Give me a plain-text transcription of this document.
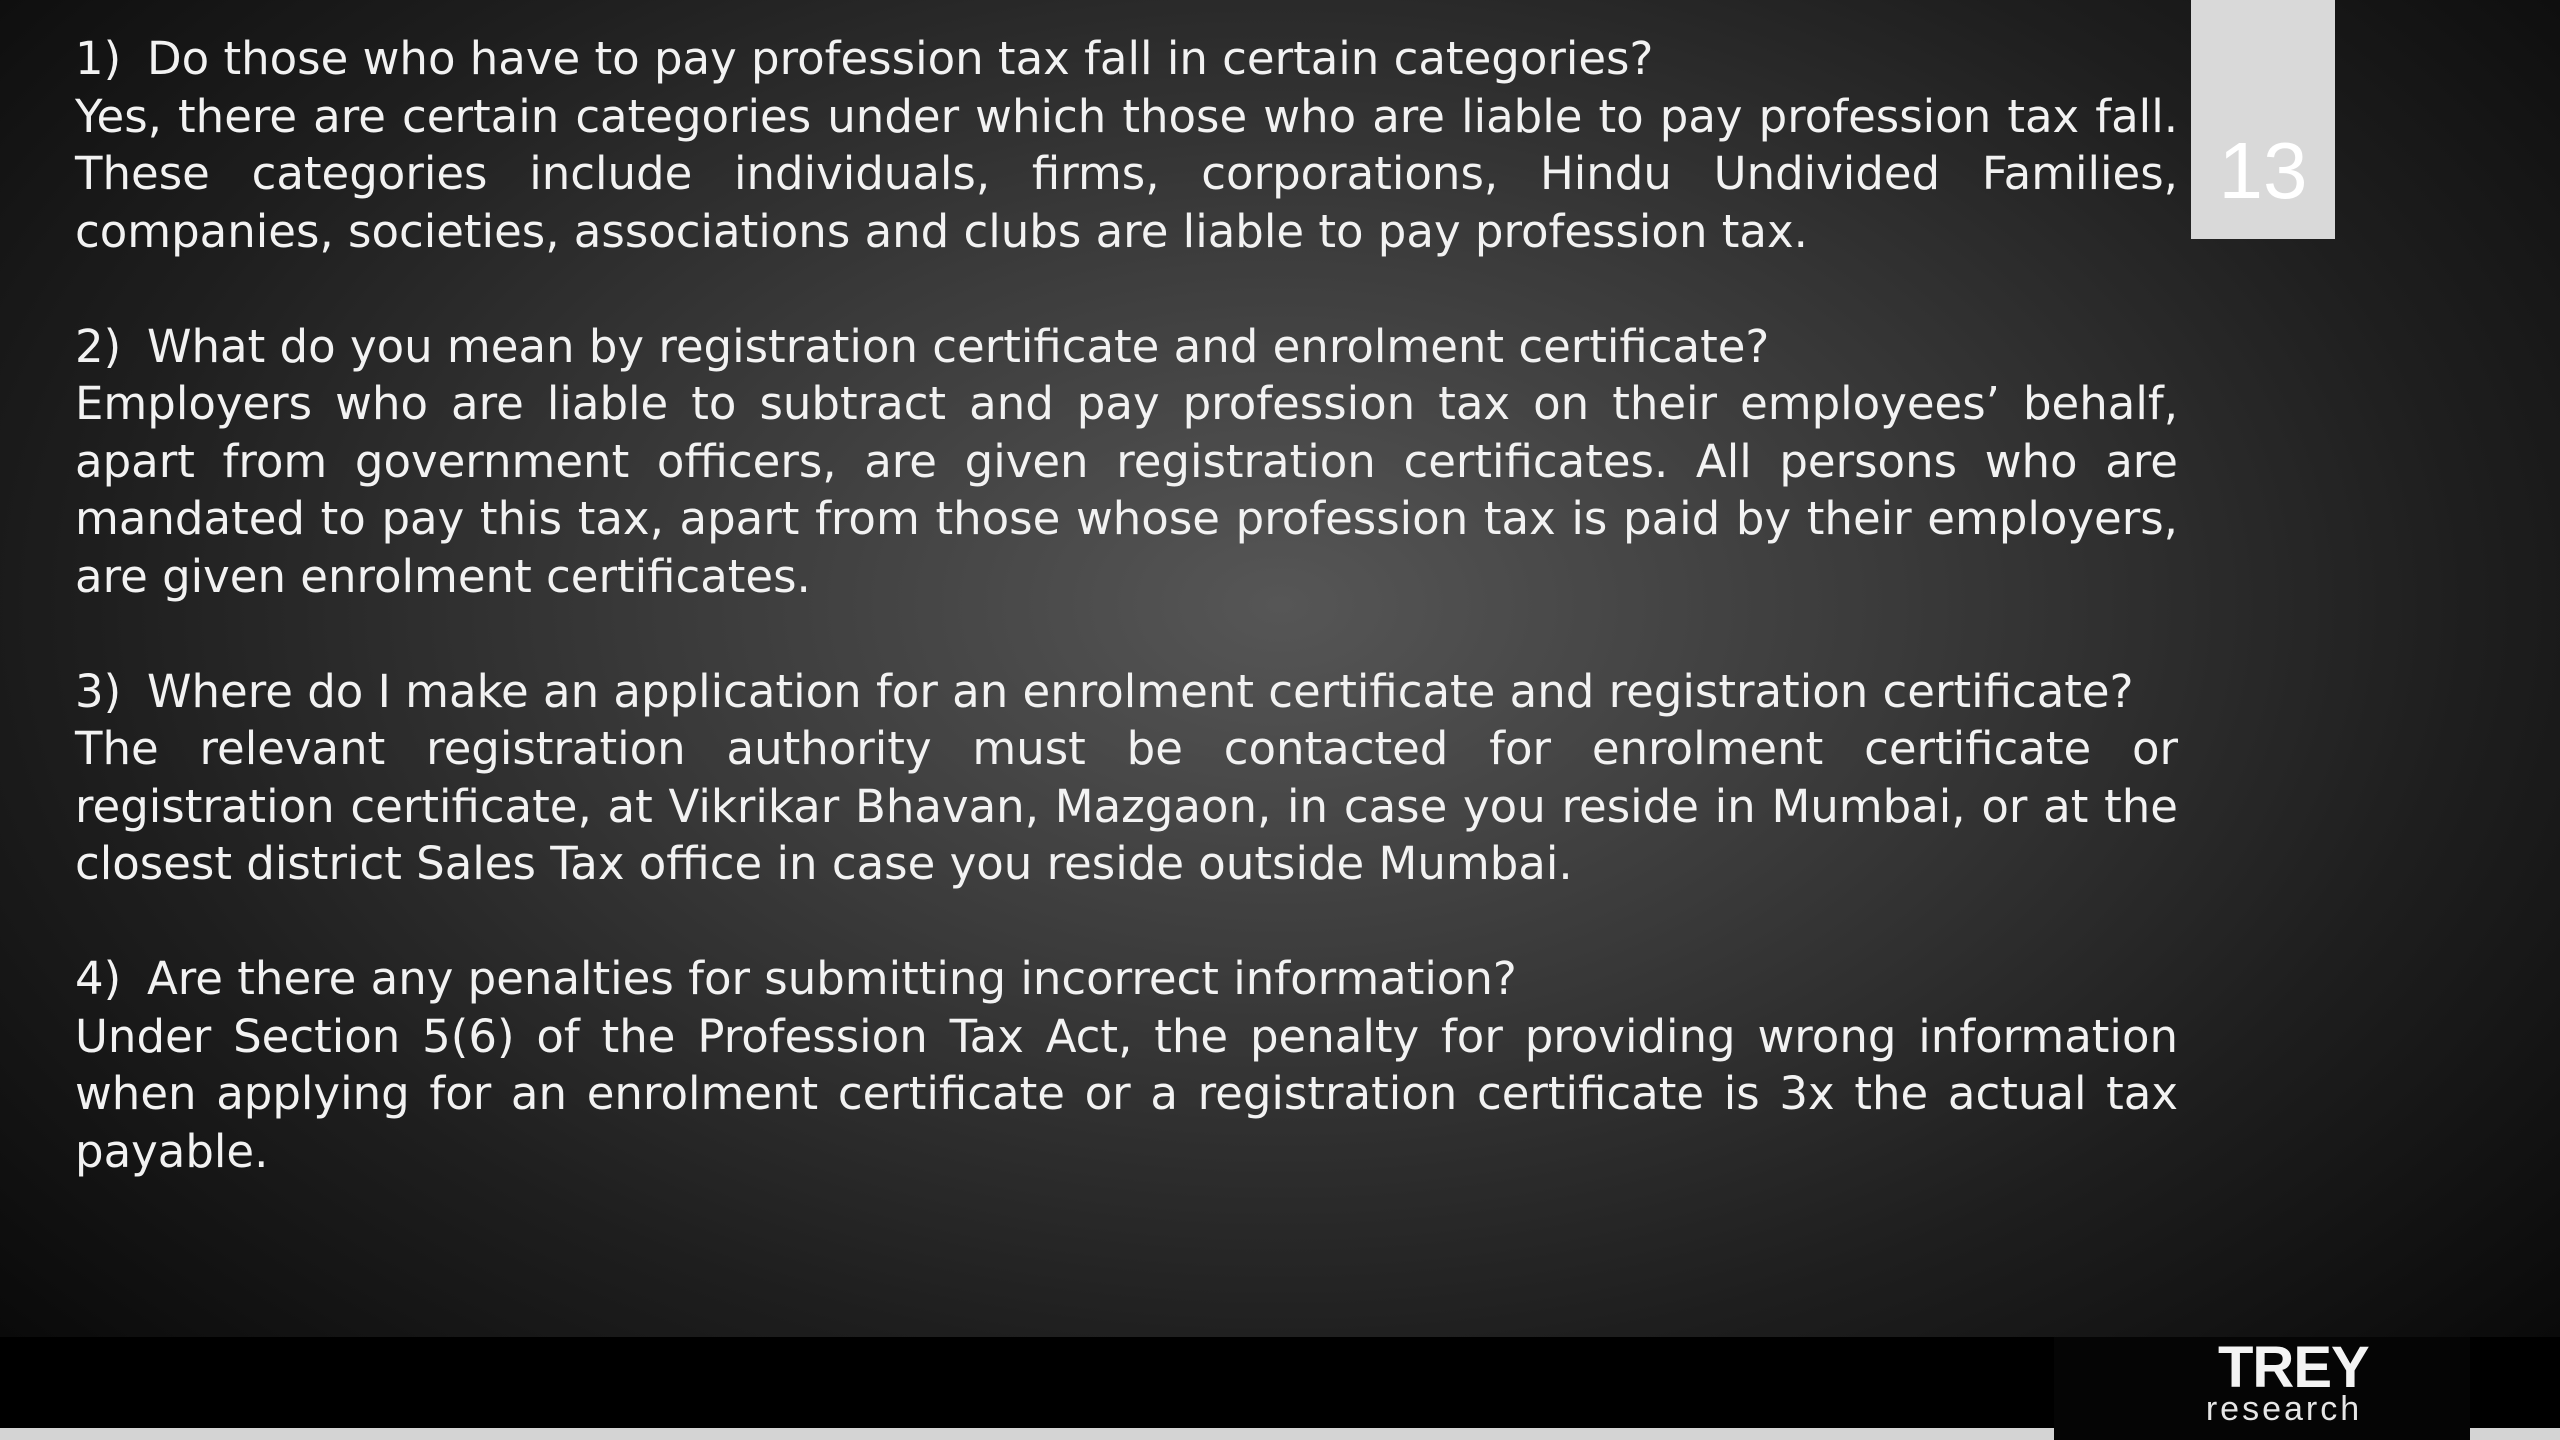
1) Do those who have to pay profession tax fall in certain categories?

Yes, there are certain categories under which those who are liable to pay profession tax fall. These categories include individuals, firms, corporations, Hindu Undivided Families, companies, societies, associations and clubs are liable to pay profession tax.

2) What do you mean by registration certificate and enrolment certificate?

Employers who are liable to subtract and pay profession tax on their employees’ behalf, apart from government officers, are given registration certificates. All persons who are mandated to pay this tax, apart from those whose profession tax is paid by their employers, are given enrolment certificates.

3) Where do I make an application for an enrolment certificate and registration certificate?

The relevant registration authority must be contacted for enrolment certificate or registration certificate, at Vikrikar Bhavan, Mazgaon, in case you reside in Mumbai, or at the closest district Sales Tax office in case you reside outside Mumbai.

4) Are there any penalties for submitting incorrect information?

Under Section 5(6) of the Profession Tax Act, the penalty for providing wrong information when applying for an enrolment certificate or a registration certificate is 3x the actual tax payable.

13
TREY
research
